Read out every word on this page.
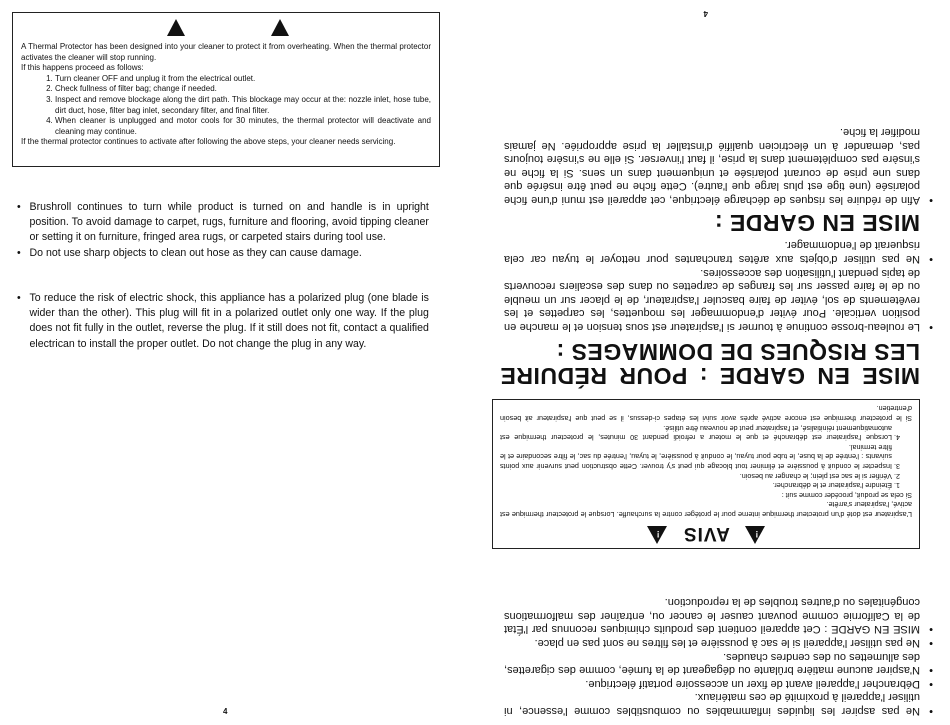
A Thermal Protector has been designed into your cleaner to protect it from overheating. When the thermal protector activates the cleaner will stop running.

If this happens proceed as follows:

1. Turn cleaner OFF and unplug it from the electrical outlet.
2. Check fullness of filter bag; change if needed.
3. Inspect and remove blockage along the dirt path. This blockage may occur at the: nozzle inlet, hose tube, dirt duct, hose, filter bag inlet, secondary filter, and final filter.
4. When cleaner is unplugged and motor cools for 30 minutes, the thermal protector will deactivate and cleaning may continue.

If the thermal protector continues to activate after following the above steps, your cleaner needs servicing.

• Brushroll continues to turn while product is turned on and handle is in upright position. To avoid damage to carpet, rugs, furniture and flooring, avoid tipping cleaner or setting it on furniture, fringed area rugs, or carpeted stairs during tool use.
• Do not use sharp objects to clean out hose as they can cause damage.
• To reduce the risk of electric shock, this appliance has a polarized plug (one blade is wider than the other). This plug will fit in a polarized outlet only one way. If the plug does not fit fully in the outlet, reverse the plug. If it still does not fit, contact a qualified electrican to install the proper outlet. Do not change the plug in any way.
4
•	Ne pas aspirer les liquides inflammables ou combustibles comme l'essence, ni utiliser l'appareil à proximité de ces matériaux.
• Débrancher l'appareil avant de fixer un accessoire portatif électrique.
• N'aspirer aucune matière brûlante ou dégageant de la fumée, comme des cigarettes, des allumettes ou des cendres chaudes.
• Ne pas utiliser l'appareil si le sac à poussière et les filtres ne sont pas en place.
• MISE EN GARDE : Cet appareil contient des produits chimiques reconnus par l'État de la Californie comme pouvant causer le cancer ou, entraîner des malformations congénitales ou d'autres troubles de la reproduction.
!
AVIS
!

L'aspirateur est doté d'un protecteur thermique interne pour le protéger contre la surchauffe. Lorsque le protecteur thermique est activé, l'aspirateur s'arrête.

Si cela se produit, procéder comme suit :

1. Éteindre l'aspirateur et le débrancher.
2. Vérifier si le sac est plein; le changer au besoin.
3. Inspecter le conduit à poussière et éliminer tout blocage qui peut s'y trouver. Cette obstruction peut survenir aux points suivants : l'entrée de la buse, le tube pour tuyau, le conduit à poussière, le tuyau, l'entrée du sac, le filtre secondaire et le filtre terminal.
4. Lorsque l'aspirateur est débranché et que le moteur a refroidi pendant 30 minutes, le protecteur thermique est automatiquement réinitialisé, et l'aspirateur peut de nouveau être utilisé.

Si le protecteur thermique est encore activé après avoir suivi les étapes ci-dessus, il se peut que l'aspirateur ait besoin d'entretien.

MISE EN GARDE : POUR RÉDUIRE LES RISQUES DE DOMMAGES :
• Le rouleau-brosse continue à tourner si l'aspirateur est sous tension et le manche en position verticale. Pour éviter d'endommager les moquettes, les carpettes et les revêtements de sol, éviter de faire basculer l'aspirateur, de le placer sur un meuble ou de le faire passer sur les franges de carpettes ou dans des escaliers recouverts de tapis pendant l'utilisation des accessoires.
• Ne pas utiliser d'objets aux arêtes tranchantes pour nettoyer le tuyau car cela risquerait de l'endommager.
MISE EN GARDE :
• Afin de réduire les risques de décharge électrique, cet appareil est muni d'une fiche polarisée (une tige est plus large que l'autre). Cette fiche ne peut être insérée que dans une prise de courant polarisée et uniquement dans un sens. Si la fiche ne s'insère pas complètement dans la prise, il faut l'inverser. Si elle ne s'insère toujours pas, demander à un électricien qualifié d'installer la prise appropriée. Ne jamais modifier la fiche.
4
